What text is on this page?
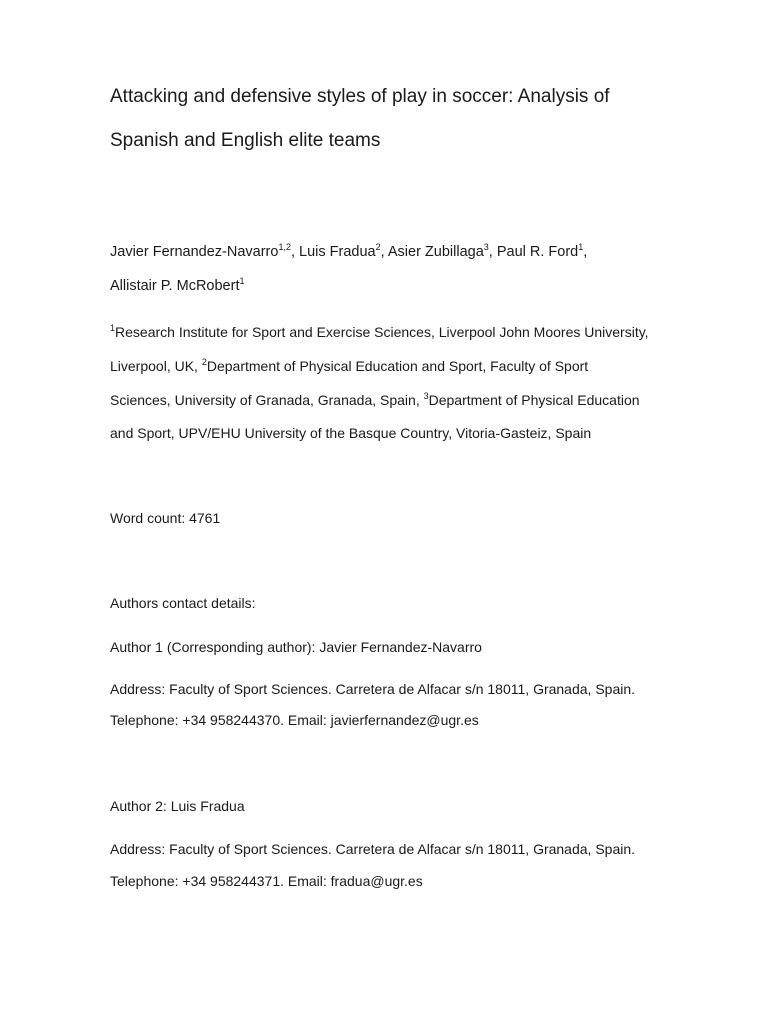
Attacking and defensive styles of play in soccer: Analysis of
Spanish and English elite teams
Javier Fernandez-Navarro$^{1,2}$, Luis Fradua$^2$, Asier Zubillaga$^3$, Paul R. Ford$^1$,
Allistair P. McRobert$^1$
$^1$Research Institute for Sport and Exercise Sciences, Liverpool John Moores University,
Liverpool, UK, $^2$Department of Physical Education and Sport, Faculty of Sport
Sciences, University of Granada, Granada, Spain, $^3$Department of Physical Education
and Sport, UPV/EHU University of the Basque Country, Vitoria-Gasteiz, Spain
Word count: 4761
Authors contact details:
Author 1 (Corresponding author): Javier Fernandez-Navarro
Address: Faculty of Sport Sciences. Carretera de Alfacar s/n 18011, Granada, Spain.
Telephone: +34 958244370. Email: javierfernandez@ugr.es
Author 2: Luis Fradua
Address: Faculty of Sport Sciences. Carretera de Alfacar s/n 18011, Granada, Spain.
Telephone: +34 958244371. Email: fradua@ugr.es
